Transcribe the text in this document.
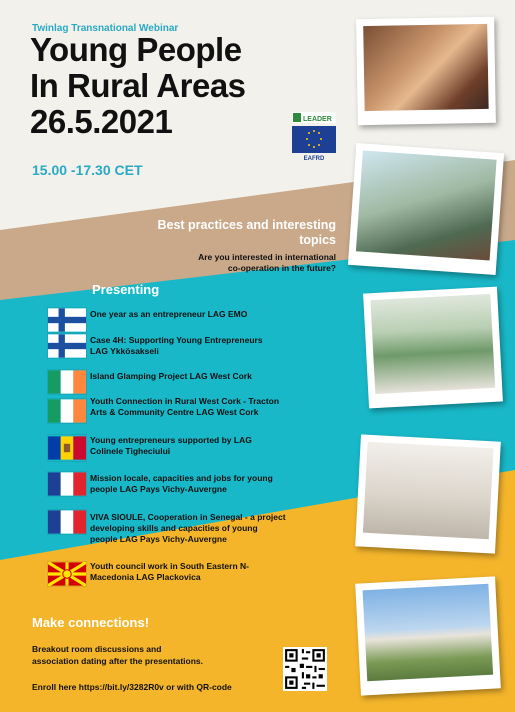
Twinlag Transnational Webinar
Young People
In Rural Areas
26.5.2021
15.00 -17.30 CET
LEADER
EAFRD
Best practices and interesting
topics
Are you interested in international
co-operation in the future?
Presenting
One year as an entrepreneur LAG EMO
Case 4H: Supporting Young Entrepreneurs
LAG Ykkösakseli
Island Glamping Project LAG West Cork
Youth Connection in Rural West Cork - Tracton
Arts & Community Centre LAG West Cork
Young entrepreneurs supported by LAG
Colinele Tigheciului
Mission locale, capacities and jobs for young
people LAG Pays Vichy-Auvergne
VIVA SIOULE, Cooperation in Senegal - a project
developing skills and capacities of young
people LAG Pays Vichy-Auvergne
Youth council work in South Eastern N-
Macedonia LAG Plackovica
Make connections!
Breakout room discussions and
association dating after the presentations.
Enroll here https://bit.ly/3282R0v or with QR-code
